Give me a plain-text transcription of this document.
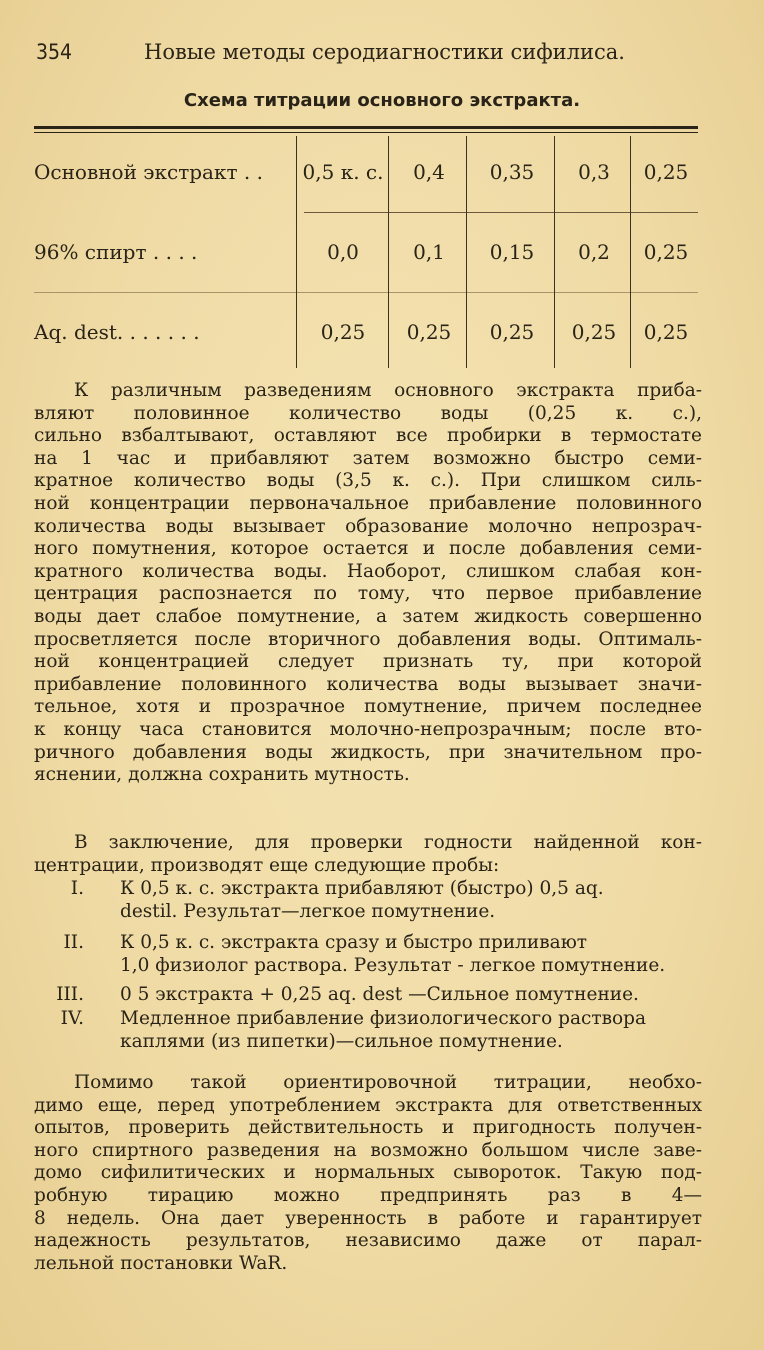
354	Новые методы серодиагностики сифилиса.
Схема титрации основного экстракта.
Основной экстракт . . 0,5 к. с.	0,4	0,35	0,3	0,25
96% спирт . . . .	0,0	0,1	0,15	0,2	0,25
Aq. dest. . . . . . .	0,25	0,25	0,25	0,25	0,25
К различным разведениям основного экстракта приба-
вляют половинное количество воды (0,25 к. с.),
сильно взбалтывают, оставляют все пробирки в термостате
на 1 час и прибавляют затем возможно быстро семи-
кратное количество воды (3,5 к. с.). При слишком силь-
ной концентрации первоначальное прибавление половинного
количества воды вызывает образование молочно непрозрач-
ного помутнения, которое остается и после добавления семи-
кратного количества воды. Наоборот, слишком слабая кон-
центрация распознается по тому, что первое прибавление
воды дает слабое помутнение, а затем жидкость совершенно
просветляется после вторичного добавления воды. Оптималь-
ной концентрацией следует признать ту, при которой
прибавление половинного количества воды вызывает значи-
тельное, хотя и прозрачное помутнение, причем последнее
к концу часа становится молочно-непрозрачным; после вто-
ричного добавления воды жидкость, при значительном про-
яснении, должна сохранить мутность.
В заключение, для проверки годности найденной кон-
центрации, производят еще следующие пробы:
I. К 0,5 к. с. экстракта прибавляют (быстро) 0,5 aq.
destil. Результат—легкое помутнение.
II. К 0,5 к. с. экстракта сразу и быстро приливают
1,0 физиолог раствора. Результат - легкое помутнение.
III. 0 5 экстракта + 0,25 aq. dest —Сильное помутнение.
IV. Медленное прибавление физиологического раствора
каплями (из пипетки)—сильное помутнение.
Помимо такой ориентировочной титрации, необхо-
димо еще, перед употреблением экстракта для ответственных
опытов, проверить действительность и пригодность получен-
ного спиртного разведения на возможно большом числе заве-
домо сифилитических и нормальных сывороток. Такую под-
робную тирацию можно предпринять раз в 4—
8 недель. Она дает уверенность в работе и гарантирует
надежность результатов, независимо даже от парал-
лельной постановки WaR.
